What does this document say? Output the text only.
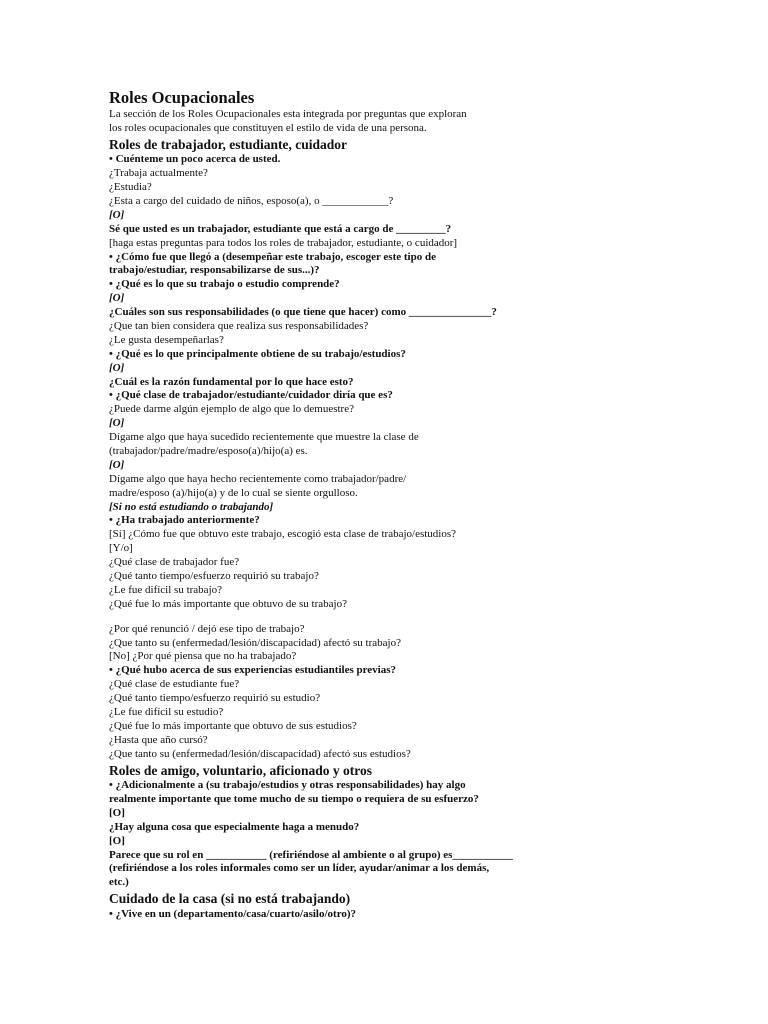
Roles Ocupacionales
La sección de los Roles Ocupacionales esta integrada por preguntas que exploran
los roles ocupacionales que constituyen el estilo de vida de una persona.
Roles de trabajador, estudiante, cuidador
• Cuénteme un poco acerca de usted.
¿Trabaja actualmente?
¿Estudia?
¿Esta a cargo del cuidado de niños, esposo(a), o ____________?
[O]
Sé que usted es un trabajador, estudiante que está a cargo de _________?
[haga estas preguntas para todos los roles de trabajador, estudiante, o cuidador]
• ¿Cómo fue que llegó a (desempeñar este trabajo, escoger este tipo de
trabajo/estudiar, responsabilizarse de sus...)?
• ¿Qué es lo que su trabajo o estudio comprende?
[O]
¿Cuáles son sus responsabilidades (o que tiene que hacer) como _______________?
¿Que tan bien considera que realiza sus responsabilidades?
¿Le gusta desempeñarlas?
• ¿Qué es lo que principalmente obtiene de su trabajo/estudios?
[O]
¿Cuál es la razón fundamental por lo que hace esto?
• ¿Qué clase de trabajador/estudiante/cuidador diría que es?
¿Puede darme algún ejemplo de algo que lo demuestre?
[O]
Dígame algo que haya sucedido recientemente que muestre la clase de
(trabajador/padre/madre/esposo(a)/hijo(a) es.
[O]
Dígame algo que haya hecho recientemente como trabajador/padre/
madre/esposo (a)/hijo(a) y de lo cual se siente orgulloso.
[Si no está estudiando o trabajando]
• ¿Ha trabajado anteriormente?
[Sí] ¿Cómo fue que obtuvo este trabajo, escogió esta clase de trabajo/estudios?
[Y/o]
¿Qué clase de trabajador fue?
¿Qué tanto tiempo/esfuerzo requirió su trabajo?
¿Le fue difícil su trabajo?
¿Qué fue lo más importante que obtuvo de su trabajo?
¿Por qué renunció / dejó ese tipo de trabajo?
¿Que tanto su (enfermedad/lesión/discapacidad) afectó su trabajo?
[No] ¿Por qué piensa que no ha trabajado?
• ¿Qué hubo acerca de sus experiencias estudiantiles previas?
¿Qué clase de estudiante fue?
¿Qué tanto tiempo/esfuerzo requirió su estudio?
¿Le fue difícil su estudio?
¿Qué fue lo más importante que obtuvo de sus estudios?
¿Hasta que año cursó?
¿Que tanto su (enfermedad/lesión/discapacidad) afectó sus estudios?
Roles de amigo, voluntario, aficionado y otros
• ¿Adicionalmente a (su trabajo/estudios y otras responsabilidades) hay algo
realmente importante que tome mucho de su tiempo o requiera de su esfuerzo?
[O]
¿Hay alguna cosa que especialmente haga a menudo?
[O]
Parece que su rol en ___________ (refiriéndose al ambiente o al grupo) es___________
(refiriéndose a los roles informales como ser un líder, ayudar/animar a los demás,
etc.)
Cuidado de la casa (si no está trabajando)
• ¿Vive en un (departamento/casa/cuarto/asilo/otro)?
